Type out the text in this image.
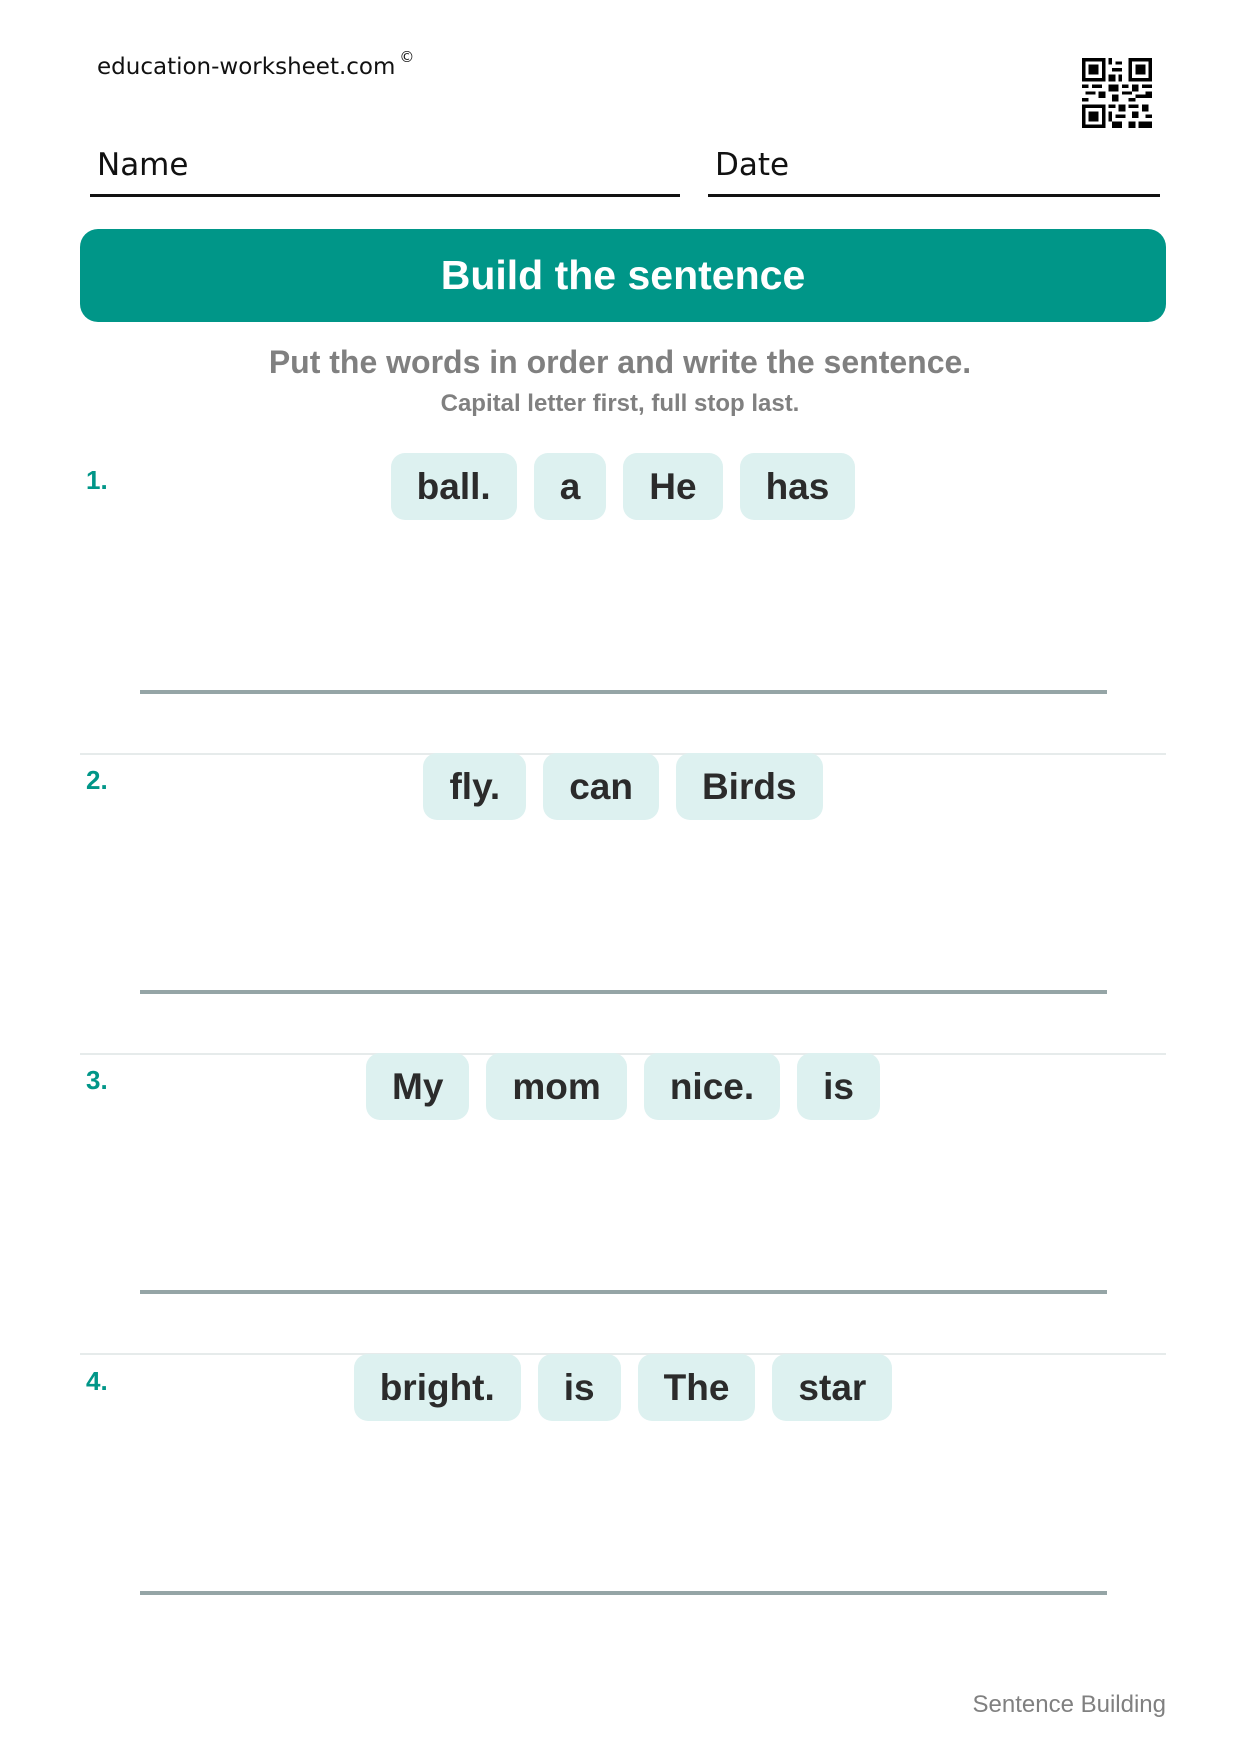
education-worksheet.com ©
Name	Date
Build the sentence
Put the words in order and write the sentence.
Capital letter first, full stop last.
1.	ball.	a	He	has
2.	fly.	can	Birds
3.	My	mom	nice.	is
4.	bright.	is	The	star
Sentence Building
